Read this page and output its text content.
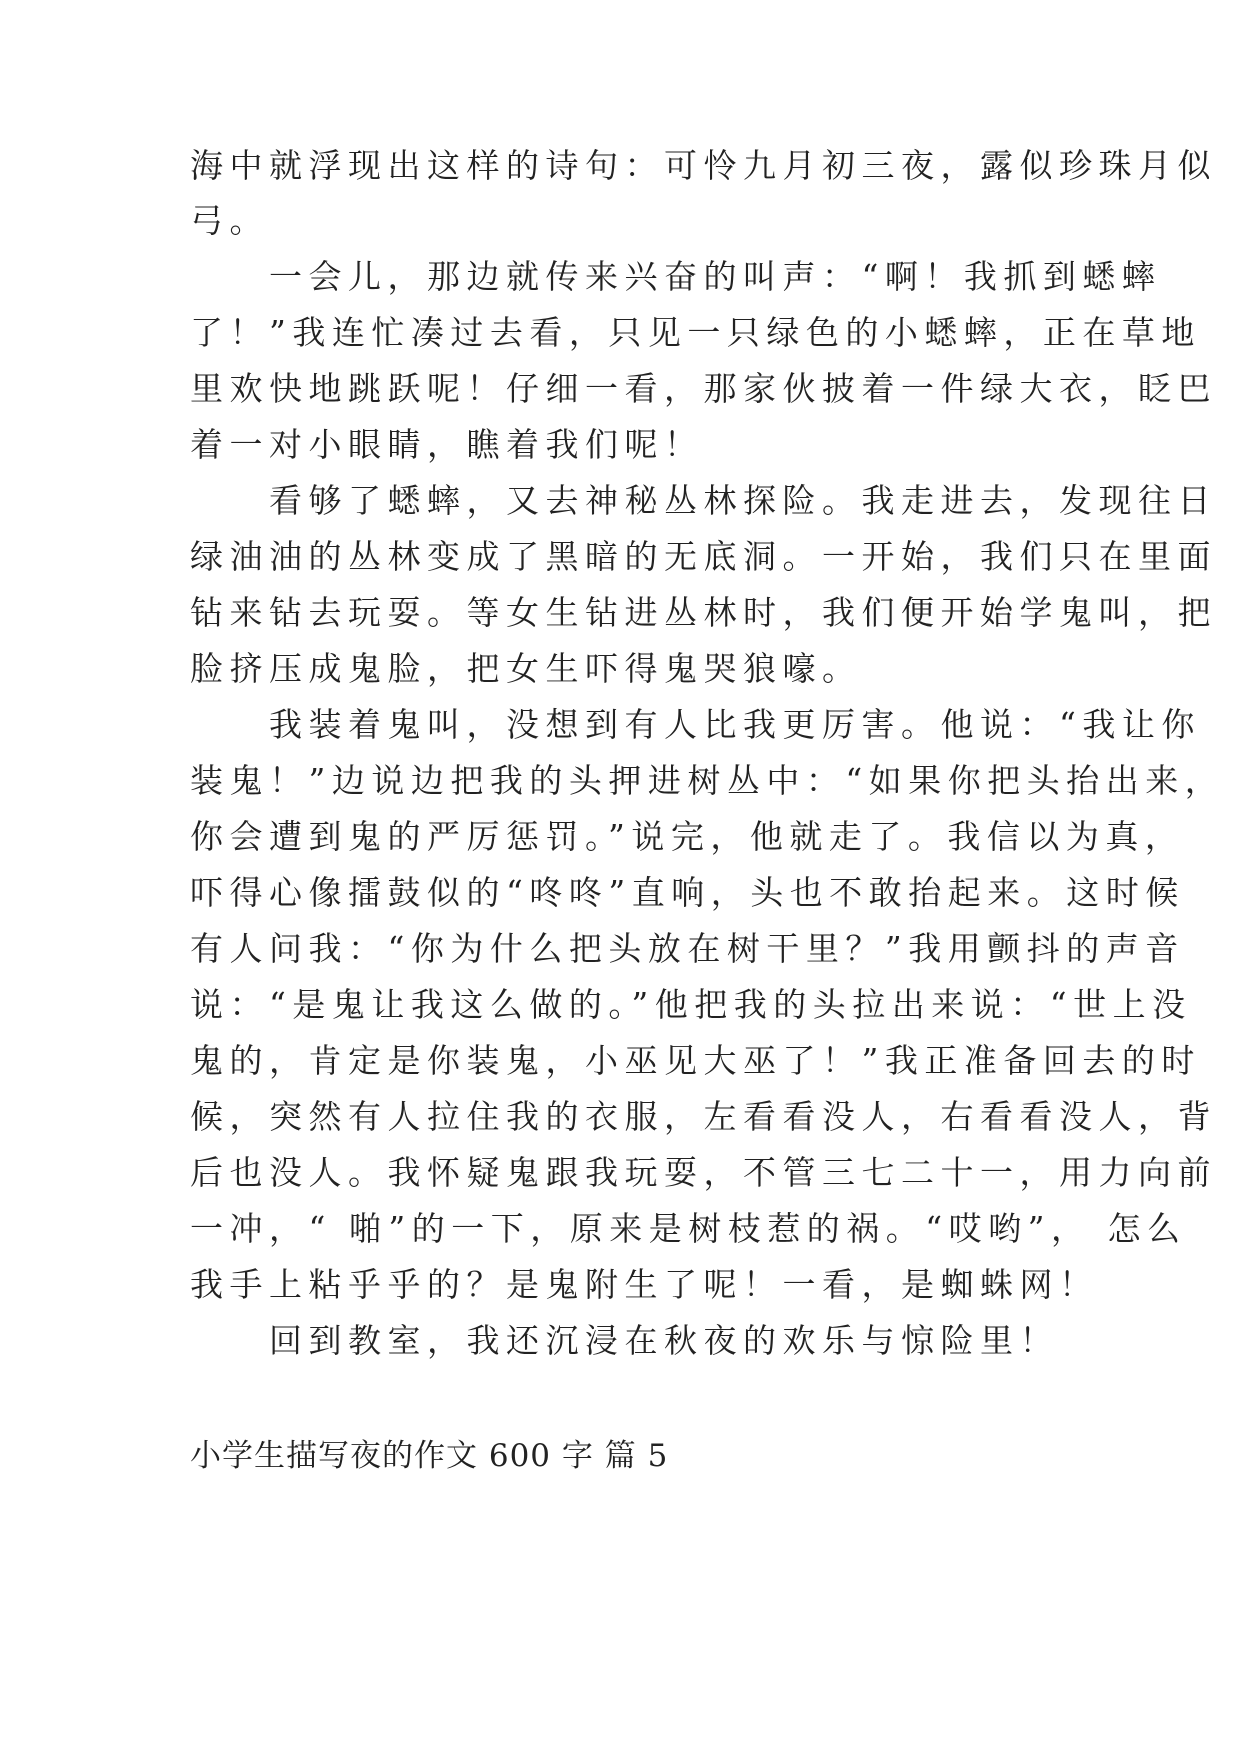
海中就浮现出这样的诗句：可怜九月初三夜，露似珍珠月似
弓。
　　一会儿，那边就传来兴奋的叫声：“啊！我抓到蟋蟀
了！”我连忙凑过去看，只见一只绿色的小蟋蟀，正在草地
里欢快地跳跃呢！仔细一看，那家伙披着一件绿大衣，眨巴
着一对小眼睛，瞧着我们呢！
　　看够了蟋蟀，又去神秘丛林探险。我走进去，发现往日
绿油油的丛林变成了黑暗的无底洞。一开始，我们只在里面
钻来钻去玩耍。等女生钻进丛林时，我们便开始学鬼叫，把
脸挤压成鬼脸，把女生吓得鬼哭狼嚎。
　　我装着鬼叫，没想到有人比我更厉害。他说：“我让你
装鬼！”边说边把我的头押进树丛中：“如果你把头抬出来，
你会遭到鬼的严厉惩罚。”说完，他就走了。我信以为真，
吓得心像擂鼓似的“咚咚”直响，头也不敢抬起来。这时候
有人问我：“你为什么把头放在树干里？”我用颤抖的声音
说：“是鬼让我这么做的。”他把我的头拉出来说：“世上没
鬼的，肯定是你装鬼，小巫见大巫了！”我正准备回去的时
候，突然有人拉住我的衣服，左看看没人，右看看没人，背
后也没人。我怀疑鬼跟我玩耍，不管三七二十一，用力向前
一冲，“ 啪”的一下，原来是树枝惹的祸。“哎哟”， 怎么
我手上粘乎乎的？是鬼附生了呢！一看，是蜘蛛网！
　　回到教室，我还沉浸在秋夜的欢乐与惊险里！
小学生描写夜的作文 600 字 篇 5
